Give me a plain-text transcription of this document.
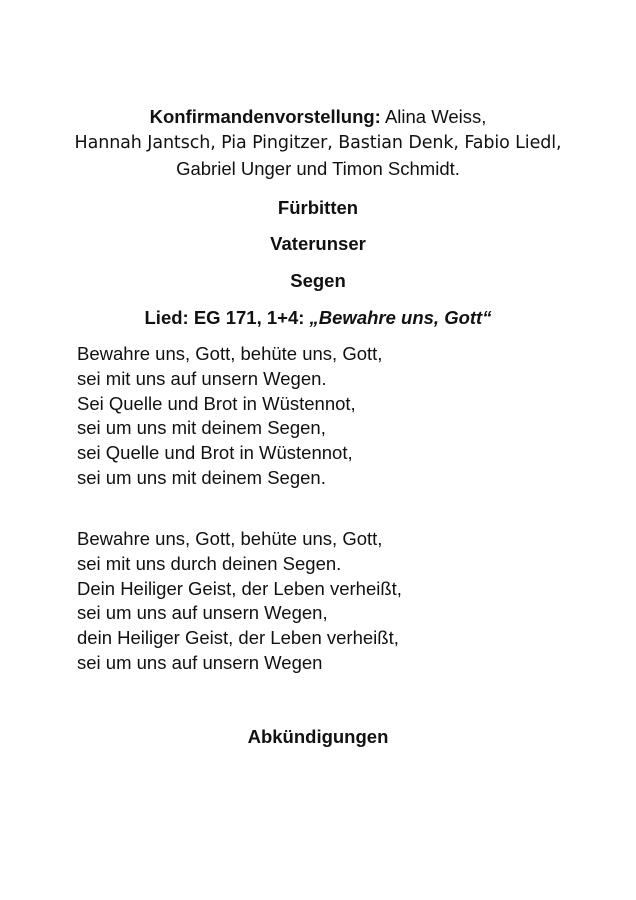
Konfirmandenvorstellung: Alina Weiss,
Hannah Jantsch, Pia Pingitzer, Bastian Denk, Fabio Liedl,
Gabriel Unger und Timon Schmidt.
Fürbitten
Vaterunser
Segen
Lied: EG 171, 1+4: „Bewahre uns, Gott“
Bewahre uns, Gott, behüte uns, Gott,
sei mit uns auf unsern Wegen.
Sei Quelle und Brot in Wüstennot,
sei um uns mit deinem Segen,
sei Quelle und Brot in Wüstennot,
sei um uns mit deinem Segen.
Bewahre uns, Gott, behüte uns, Gott,
sei mit uns durch deinen Segen.
Dein Heiliger Geist, der Leben verheißt,
sei um uns auf unsern Wegen,
dein Heiliger Geist, der Leben verheißt,
sei um uns auf unsern Wegen
Abkündigungen
